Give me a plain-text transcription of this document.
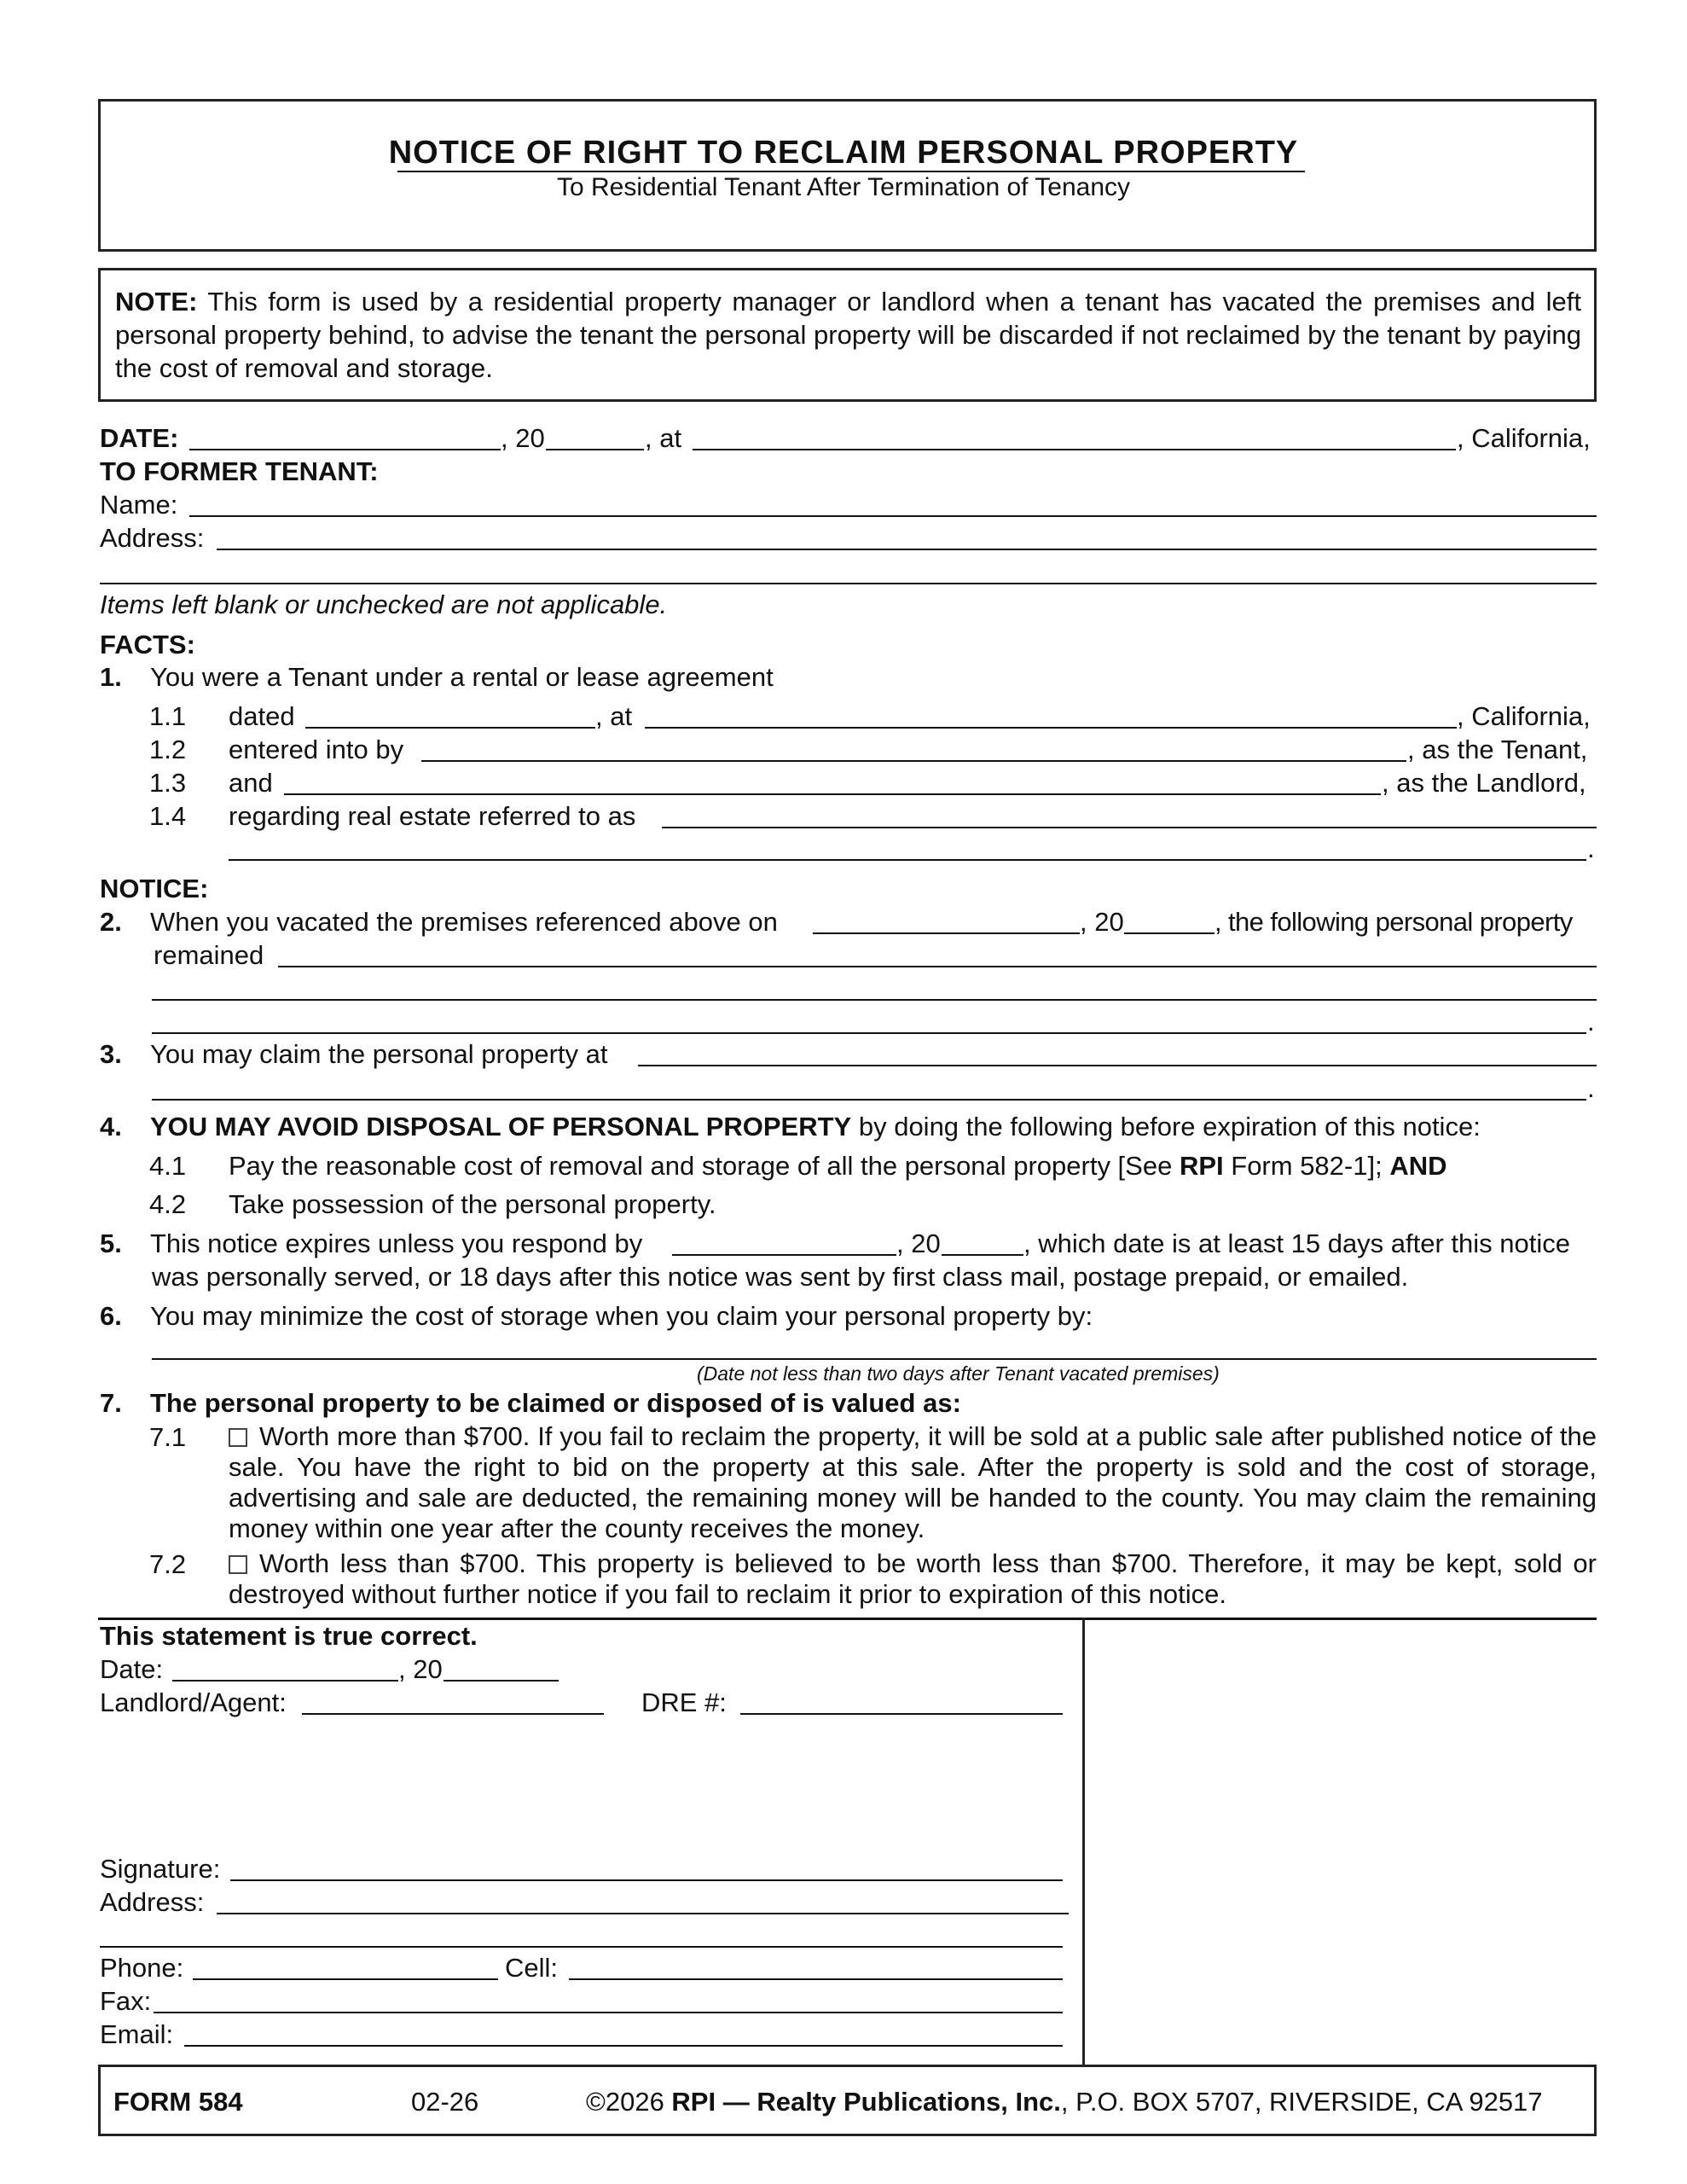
NOTICE OF RIGHT TO RECLAIM PERSONAL PROPERTY
To Residential Tenant After Termination of Tenancy
NOTE: This form is used by a residential property manager or landlord when a tenant has vacated the premises and left personal property behind, to advise the tenant the personal property will be discarded if not reclaimed by the tenant by paying the cost of removal and storage.
DATE:	, 20	, at	, California,
TO FORMER TENANT:
Name:
Address:
Items left blank or unchecked are not applicable.
FACTS:
1. You were a Tenant under a rental or lease agreement
1.1 dated	, at	, California,
1.2 entered into by	, as the Tenant,
1.3 and	, as the Landlord,
1.4 regarding real estate referred to as
.
NOTICE:
2. When you vacated the premises referenced above on	, 20	, the following personal property
remained
.
3. You may claim the personal property at
.
4. YOU MAY AVOID DISPOSAL OF PERSONAL PROPERTY by doing the following before expiration of this notice:
4.1 Pay the reasonable cost of removal and storage of all the personal property [See RPI Form 582-1]; AND
4.2 Take possession of the personal property.
5. This notice expires unless you respond by	, 20	, which date is at least 15 days after this notice
was personally served, or 18 days after this notice was sent by first class mail, postage prepaid, or emailed.
6. You may minimize the cost of storage when you claim your personal property by:
(Date not less than two days after Tenant vacated premises)
7. The personal property to be claimed or disposed of is valued as:
7.1	Worth more than $700. If you fail to reclaim the property, it will be sold at a public sale after published notice of the sale. You have the right to bid on the property at this sale. After the property is sold and the cost of storage, advertising and sale are deducted, the remaining money will be handed to the county. You may claim the remaining money within one year after the county receives the money.
7.2	Worth less than $700. This property is believed to be worth less than $700. Therefore, it may be kept, sold or destroyed without further notice if you fail to reclaim it prior to expiration of this notice.
This statement is true correct.
Date:	, 20
Landlord/Agent:	DRE #:
Signature:
Address:
Phone:	Cell:
Fax:
Email:
FORM 584	02-26	©2026 RPI — Realty Publications, Inc., P.O. BOX 5707, RIVERSIDE, CA 92517
